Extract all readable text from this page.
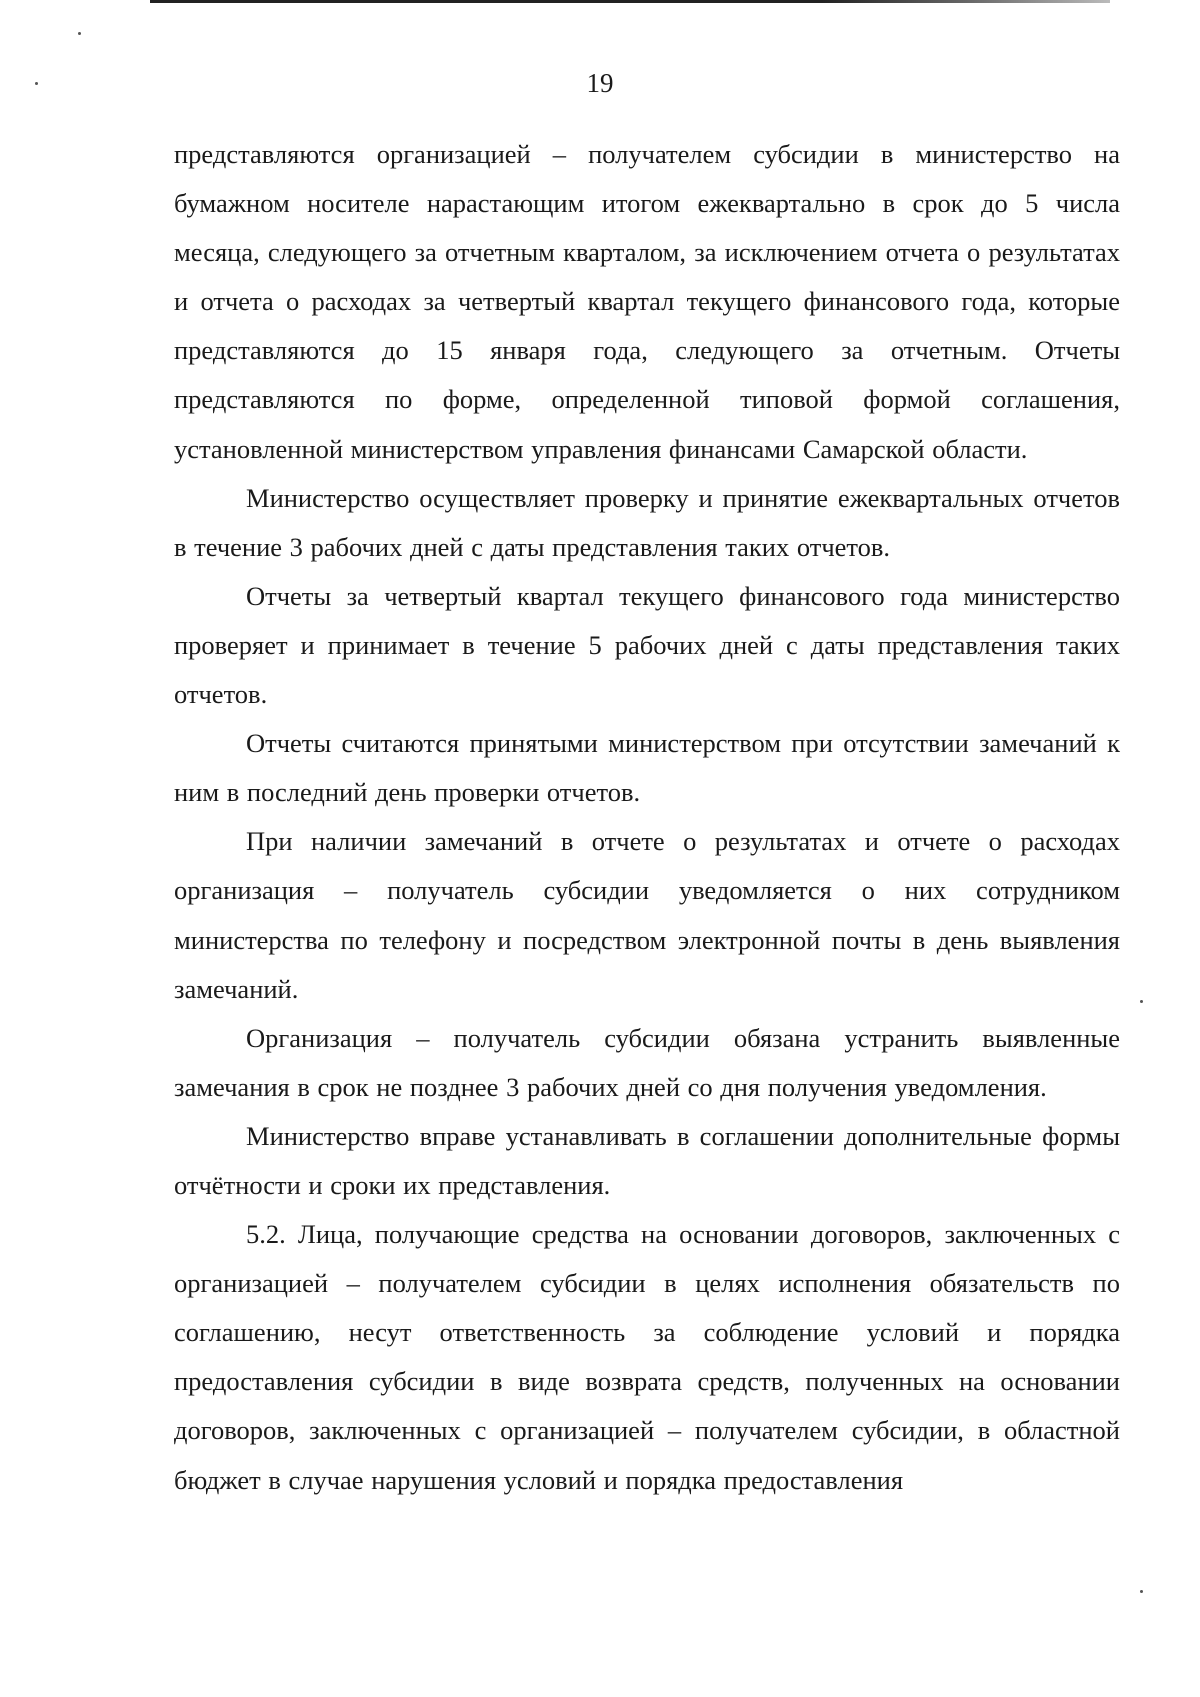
19

представляются организацией – получателем субсидии в министерство на бумажном носителе нарастающим итогом ежеквартально в срок до 5 числа месяца, следующего за отчетным кварталом, за исключением отчета о результатах и отчета о расходах за четвертый квартал текущего финансового года, которые представляются до 15 января года, следующего за отчетным. Отчеты представляются по форме, определенной типовой формой соглашения, установленной министерством управления финансами Самарской области.

Министерство осуществляет проверку и принятие ежеквартальных отчетов в течение 3 рабочих дней с даты представления таких отчетов.

Отчеты за четвертый квартал текущего финансового года министерство проверяет и принимает в течение 5 рабочих дней с даты представления таких отчетов.

Отчеты считаются принятыми министерством при отсутствии замечаний к ним в последний день проверки отчетов.

При наличии замечаний в отчете о результатах и отчете о расходах организация – получатель субсидии уведомляется о них сотрудником министерства по телефону и посредством электронной почты в день выявления замечаний.

Организация – получатель субсидии обязана устранить выявленные замечания в срок не позднее 3 рабочих дней со дня получения уведомления.

Министерство вправе устанавливать в соглашении дополнительные формы отчётности и сроки их представления.

5.2. Лица, получающие средства на основании договоров, заключенных с организацией – получателем субсидии в целях исполнения обязательств по соглашению, несут ответственность за соблюдение условий и порядка предоставления субсидии в виде возврата средств, полученных на основании договоров, заключенных с организацией – получателем субсидии, в областной бюджет в случае нарушения условий и порядка предоставления
